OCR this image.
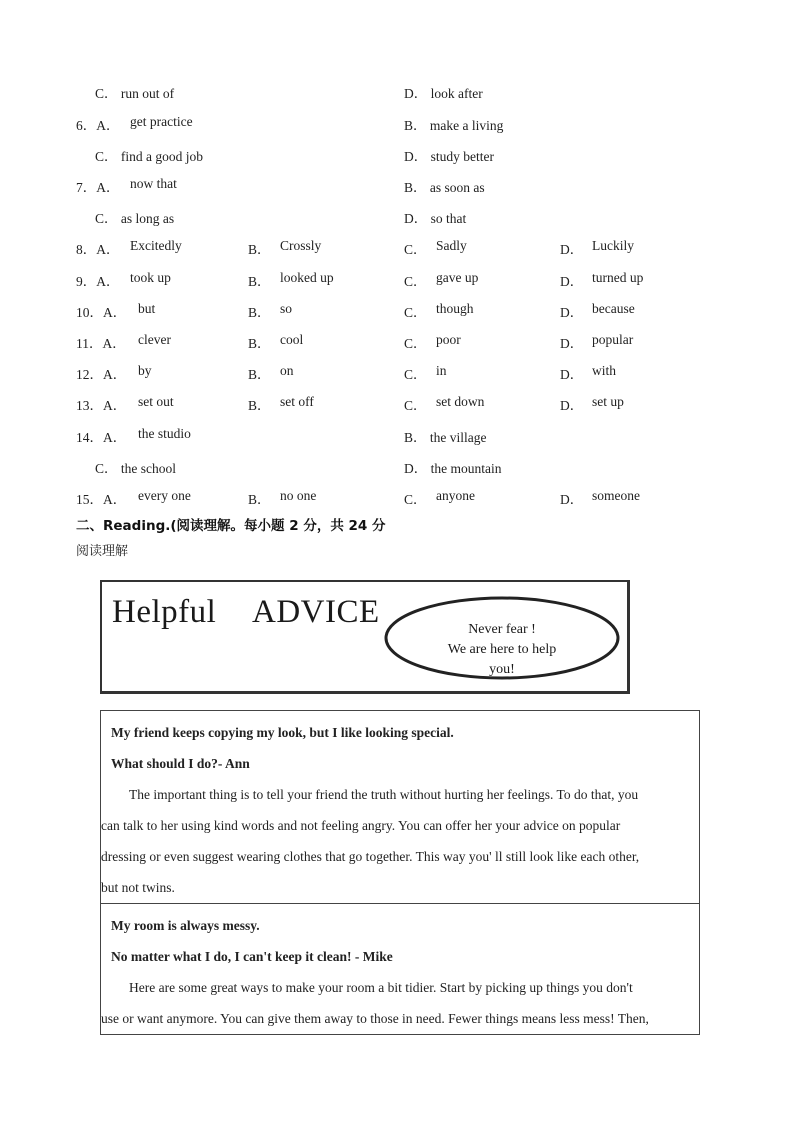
C． run out of	D． look after
6．A． get practice	B． make a living
C． find a good job	D． study better
7．A． now that	B． as soon as
C． as long as	D． so that
8．A． Excitedly	B． Crossly	C． Sadly	D． Luckily
9．A． took up	B． looked up	C． gave up	D． turned up
10．A． but	B． so	C． though	D． because
11．A． clever	B． cool	C． poor	D． popular
12．A． by	B． on	C． in	D． with
13．A． set out	B． set off	C． set down	D． set up
14．A． the studio	B． the village
C． the school	D． the mountain
15．A． every one	B． no one	C． anyone	D． someone
二、Reading.(阅读理解。每小题 2 分，共 24 分
阅读理解
Helpful ADVICE	Never fear !
We are here to help
you!
My friend keeps copying my look, but I like looking special.
What should I do?- Ann
The important thing is to tell your friend the truth without hurting her feelings. To do that, you
can talk to her using kind words and not feeling angry. You can offer her your advice on popular
dressing or even suggest wearing clothes that go together. This way you' ll still look like each other,
but not twins.

My room is always messy.
No matter what I do, I can't keep it clean! - Mike
Here are some great ways to make your room a bit tidier. Start by picking up things you don't
use or want anymore. You can give them away to those in need. Fewer things means less mess! Then,
